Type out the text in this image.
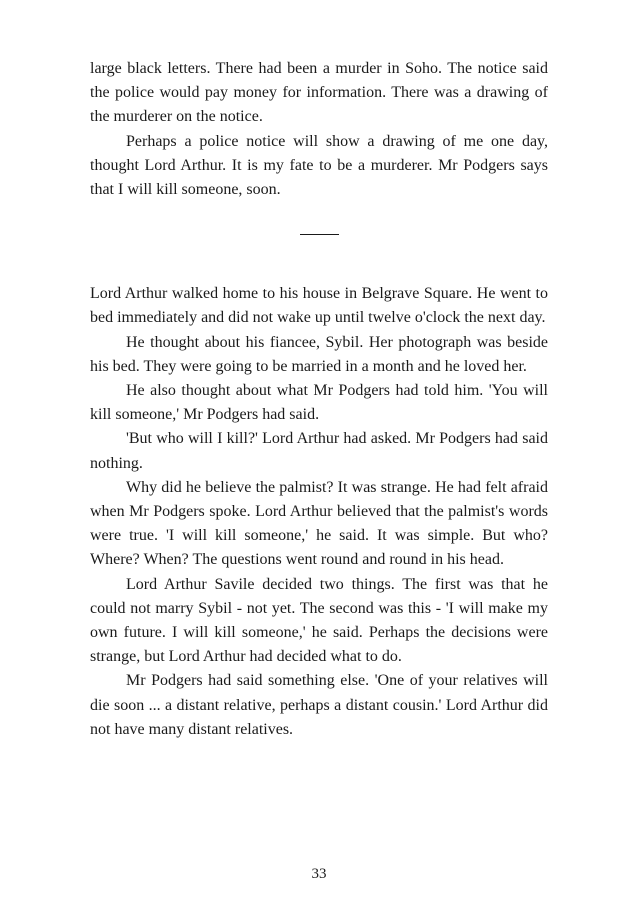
large black letters. There had been a murder in Soho. The notice said the police would pay money for information. There was a drawing of the murderer on the notice.

Perhaps a police notice will show a drawing of me one day, thought Lord Arthur. It is my fate to be a murderer. Mr Podgers says that I will kill someone, soon.

Lord Arthur walked home to his house in Belgrave Square. He went to bed immediately and did not wake up until twelve o'clock the next day.

He thought about his fiancee, Sybil. Her photograph was beside his bed. They were going to be married in a month and he loved her.

He also thought about what Mr Podgers had told him. 'You will kill someone,' Mr Podgers had said.

'But who will I kill?' Lord Arthur had asked. Mr Podgers had said nothing.

Why did he believe the palmist? It was strange. He had felt afraid when Mr Podgers spoke. Lord Arthur believed that the palmist's words were true. 'I will kill someone,' he said. It was simple. But who? Where? When? The questions went round and round in his head.

Lord Arthur Savile decided two things. The first was that he could not marry Sybil - not yet. The second was this - 'I will make my own future. I will kill someone,' he said. Perhaps the decisions were strange, but Lord Arthur had decided what to do.

Mr Podgers had said something else. 'One of your relatives will die soon ... a distant relative, perhaps a distant cousin.' Lord Arthur did not have many distant relatives.

33
